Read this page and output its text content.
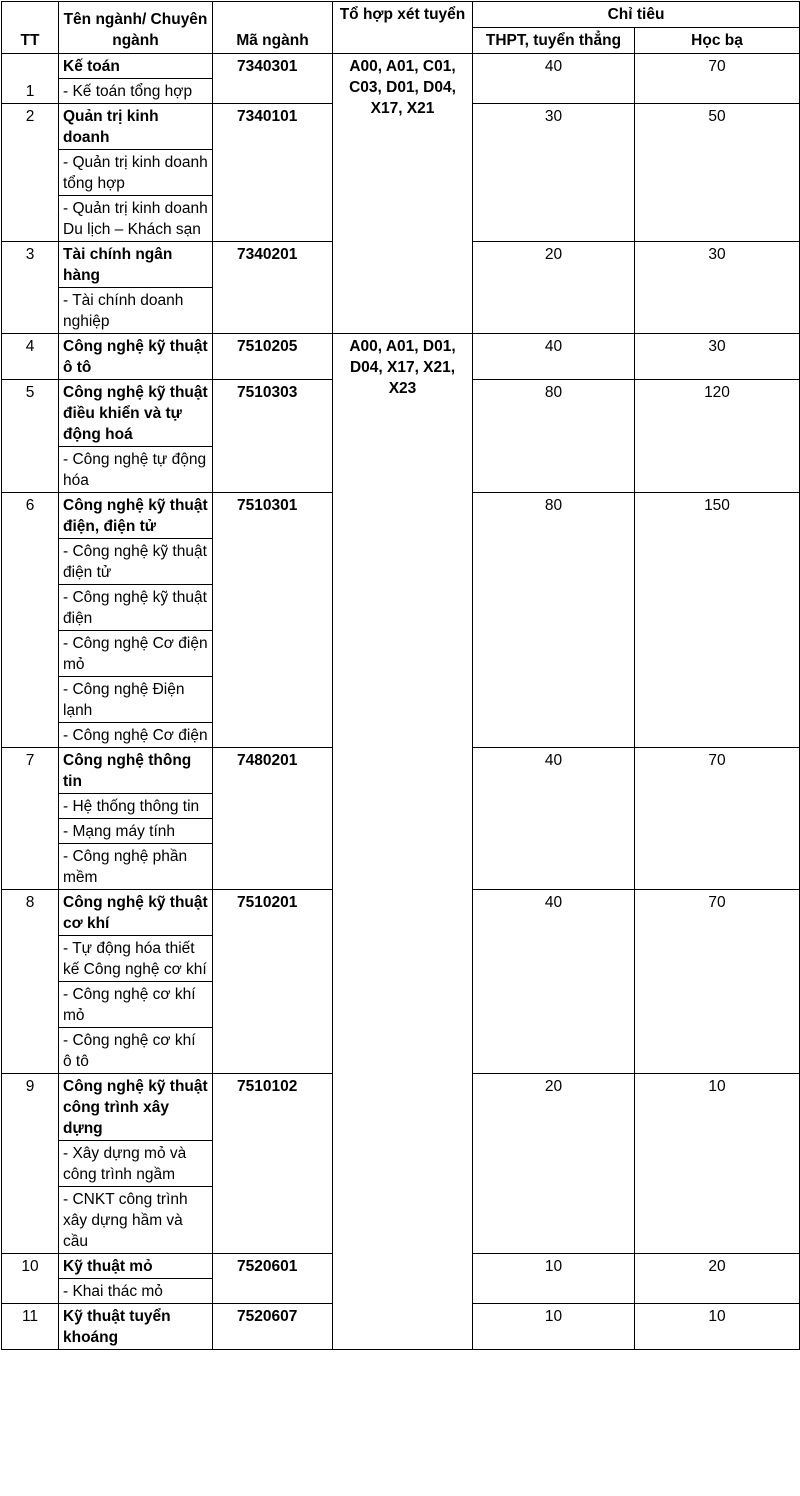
TT	Tên ngành/ Chuyên ngành	Mã ngành	Tổ hợp xét tuyển	Chỉ tiêu	
				THPT, tuyển thẳng	Học bạ
1	Kế toán	7340301	A00, A01, C01, C03, D01, D04, X17, X21	40	70
	- Kế toán tổng hợp				
2	Quản trị kinh doanh	7340101		30	50
	- Quản trị kinh doanh tổng hợp				
	- Quản trị kinh doanh Du lịch – Khách sạn				
3	Tài chính ngân hàng	7340201		20	30
	- Tài chính doanh nghiệp				
4	Công nghệ kỹ thuật ô tô	7510205	A00, A01, D01, D04, X17, X21, X23	40	30
5	Công nghệ kỹ thuật điều khiển và tự động hoá	7510303		80	120
	- Công nghệ tự động hóa				
6	Công nghệ kỹ thuật điện, điện tử	7510301		80	150
	- Công nghệ kỹ thuật điện tử				
	- Công nghệ kỹ thuật điện				
	- Công nghệ Cơ điện mỏ				
	- Công nghệ Điện lạnh				
	- Công nghệ Cơ điện				
7	Công nghệ thông tin	7480201		40	70
	- Hệ thống thông tin				
	- Mạng máy tính				
	- Công nghệ phần mềm				
8	Công nghệ kỹ thuật cơ khí	7510201		40	70
	- Tự động hóa thiết kế Công nghệ cơ khí				
	- Công nghệ cơ khí mỏ				
	- Công nghệ cơ khí ô tô				
9	Công nghệ kỹ thuật công trình xây dựng	7510102		20	10
	- Xây dựng mỏ và công trình ngầm				
	- CNKT công trình xây dựng hầm và cầu				
10	Kỹ thuật mỏ	7520601		10	20
	- Khai thác mỏ				
11	Kỹ thuật tuyển khoáng	7520607		10	10
